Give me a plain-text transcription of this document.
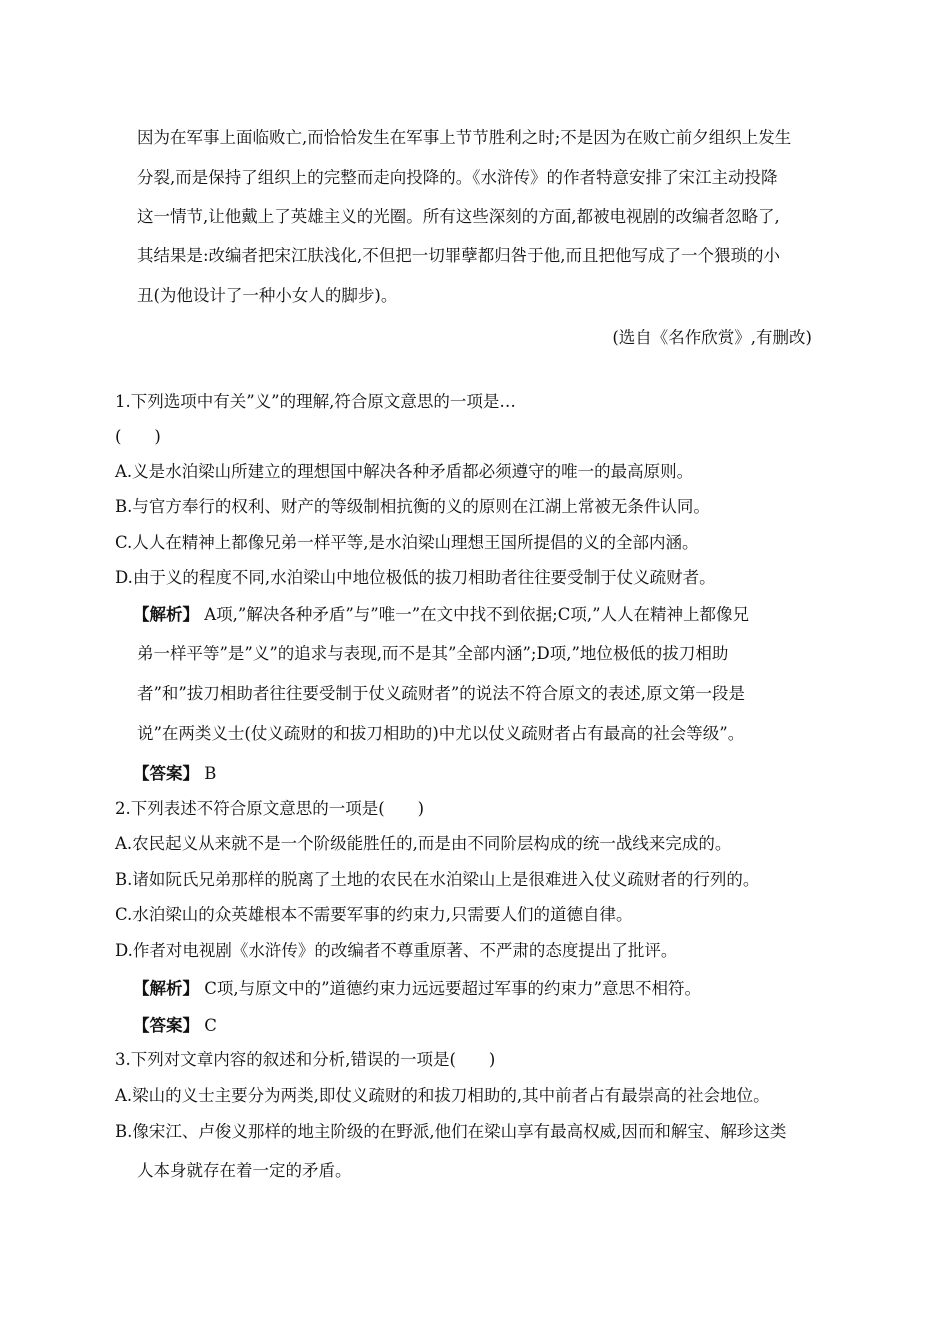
因为在军事上面临败亡,而恰恰发生在军事上节节胜利之时;不是因为在败亡前夕组织上发生
分裂,而是保持了组织上的完整而走向投降的。《水浒传》的作者特意安排了宋江主动投降
这一情节,让他戴上了英雄主义的光圈。所有这些深刻的方面,都被电视剧的改编者忽略了,
其结果是:改编者把宋江肤浅化,不但把一切罪孽都归咎于他,而且把他写成了一个猥琐的小
丑(为他设计了一种小女人的脚步)。
(选自《名作欣赏》,有删改)
1.下列选项中有关”义”的理解,符合原文意思的一项是…
(　　)
A.义是水泊梁山所建立的理想国中解决各种矛盾都必须遵守的唯一的最高原则。
B.与官方奉行的权利、财产的等级制相抗衡的义的原则在江湖上常被无条件认同。
C.人人在精神上都像兄弟一样平等,是水泊梁山理想王国所提倡的义的全部内涵。
D.由于义的程度不同,水泊梁山中地位极低的拔刀相助者往往要受制于仗义疏财者。
【解析】 A项,”解决各种矛盾”与”唯一”在文中找不到依据;C项,”人人在精神上都像兄
弟一样平等”是”义”的追求与表现,而不是其”全部内涵”;D项,”地位极低的拔刀相助
者”和”拔刀相助者往往要受制于仗义疏财者”的说法不符合原文的表述,原文第一段是
说”在两类义士(仗义疏财的和拔刀相助的)中尤以仗义疏财者占有最高的社会等级”。
【答案】 B
2.下列表述不符合原文意思的一项是(　　)
A.农民起义从来就不是一个阶级能胜任的,而是由不同阶层构成的统一战线来完成的。
B.诸如阮氏兄弟那样的脱离了土地的农民在水泊梁山上是很难进入仗义疏财者的行列的。
C.水泊梁山的众英雄根本不需要军事的约束力,只需要人们的道德自律。
D.作者对电视剧《水浒传》的改编者不尊重原著、不严肃的态度提出了批评。
【解析】 C项,与原文中的”道德约束力远远要超过军事的约束力”意思不相符。
【答案】 C
3.下列对文章内容的叙述和分析,错误的一项是(　　)
A.梁山的义士主要分为两类,即仗义疏财的和拔刀相助的,其中前者占有最崇高的社会地位。
B.像宋江、卢俊义那样的地主阶级的在野派,他们在梁山享有最高权威,因而和解宝、解珍这类
人本身就存在着一定的矛盾。
